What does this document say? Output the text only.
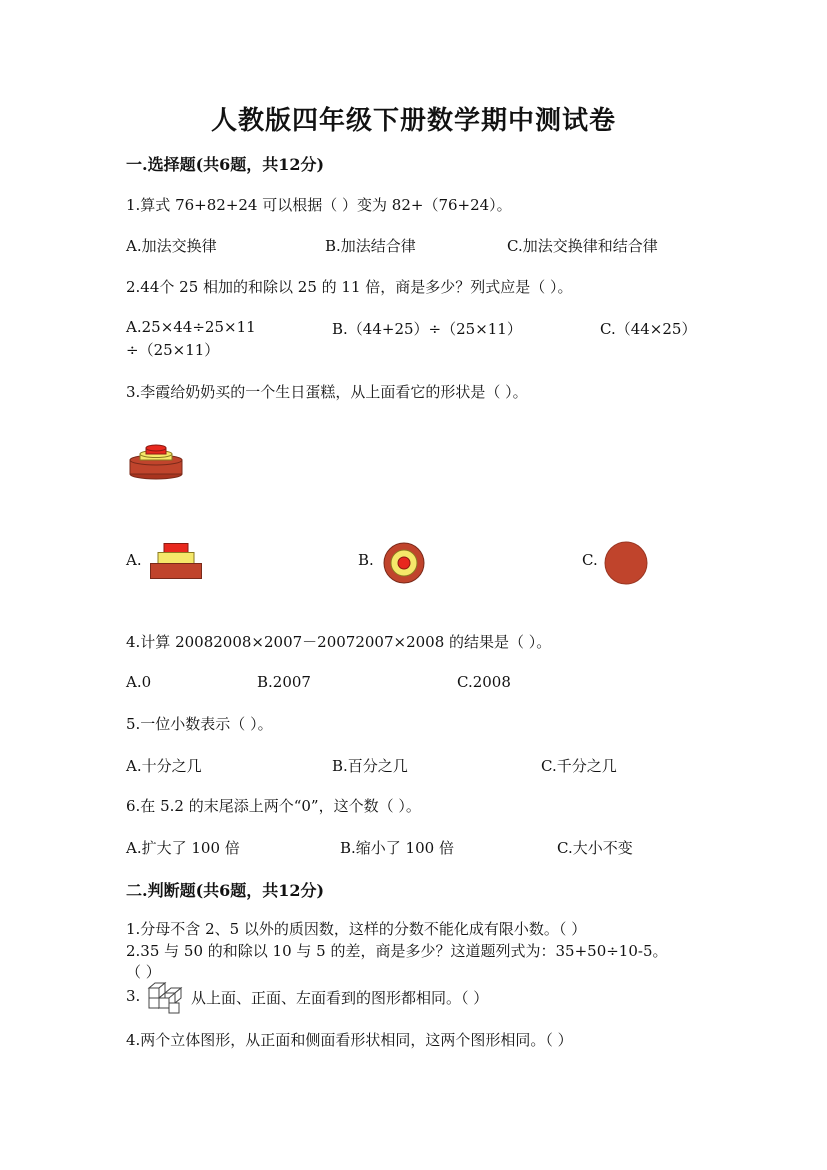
人教版四年级下册数学期中测试卷
一.选择题(共6题，共12分)
1.算式 76+82+24 可以根据（ ）变为 82+（76+24）。
A.加法交换律	B.加法结合律	C.加法交换律和结合律
2.44个 25 相加的和除以 25 的 11 倍，商是多少？列式应是（ ）。
A.25×44÷25×11	B.（44+25）÷（25×11）	C.（44×25）
÷（25×11）
3.李霞给奶奶买的一个生日蛋糕，从上面看它的形状是（ ）。
A.	B.	C.
4.计算 20082008×2007－20072007×2008 的结果是（ ）。
A.0	B.2007	C.2008
5.一位小数表示（ ）。
A.十分之几	B.百分之几	C.千分之几
6.在 5.2 的末尾添上两个“0”，这个数（ ）。
A.扩大了 100 倍	B.缩小了 100 倍	C.大小不变
二.判断题(共6题，共12分)
1.分母不含 2、5 以外的质因数，这样的分数不能化成有限小数。（ ）
2.35 与 50 的和除以 10 与 5 的差，商是多少？这道题列式为：35+50÷10-5。
（ ）
3.	从上面、正面、左面看到的图形都相同。（ ）
4.两个立体图形，从正面和侧面看形状相同，这两个图形相同。（ ）
